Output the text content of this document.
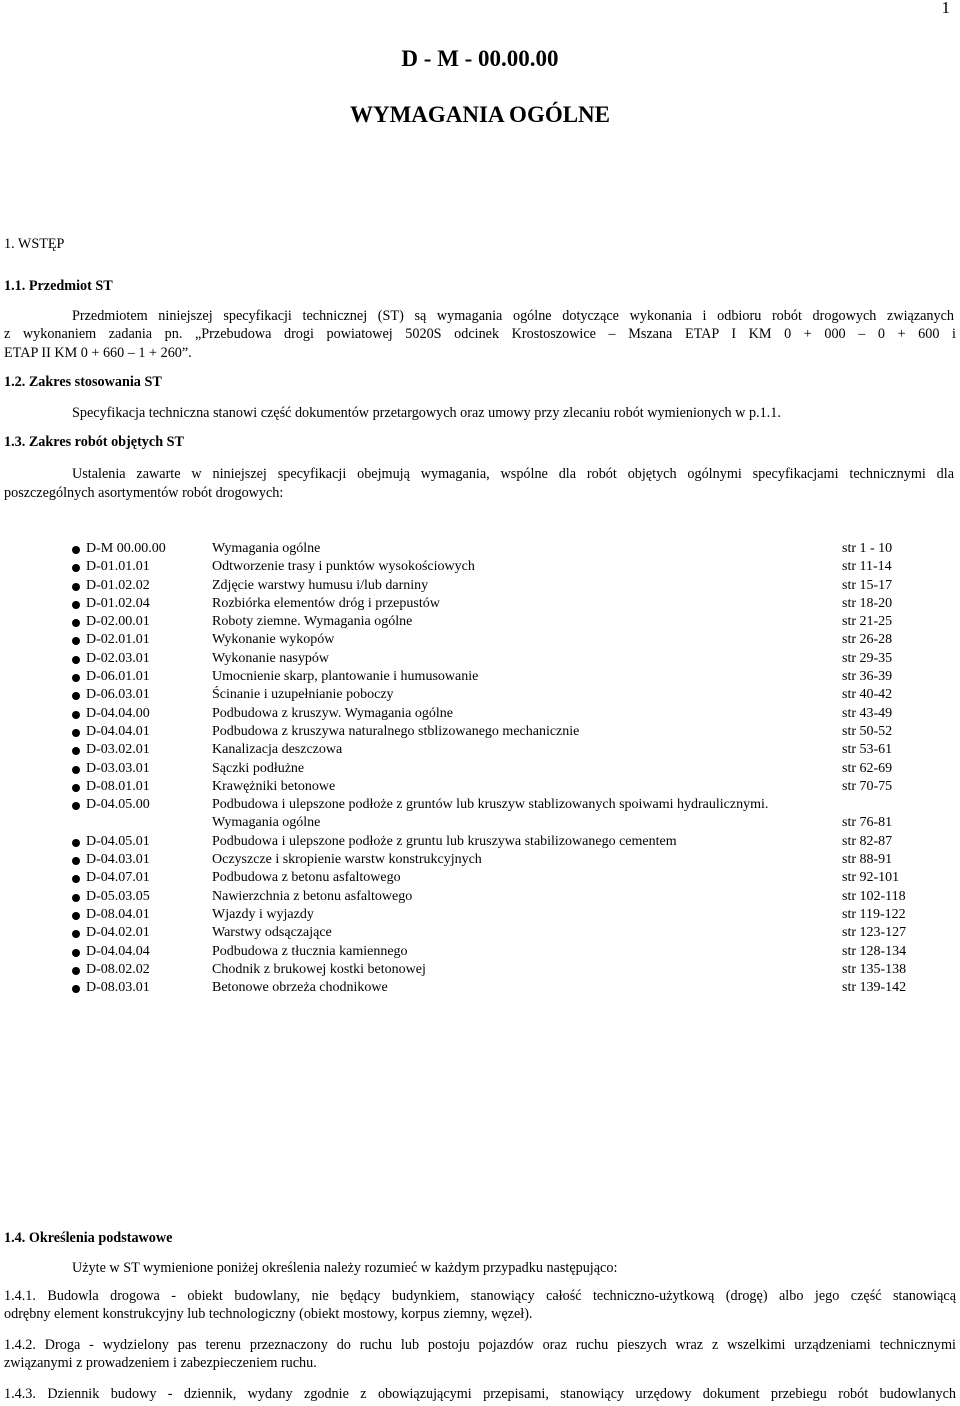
1
D - M - 00.00.00
WYMAGANIA OGÓLNE
1. WSTĘP
1.1. Przedmiot ST
Przedmiotem niniejszej specyfikacji technicznej (ST) są wymagania ogólne dotyczące wykonania i odbioru robót drogowych związanych
z wykonaniem zadania pn. „Przebudowa drogi powiatowej 5020S odcinek Krostoszowice – Mszana ETAP I KM 0 + 000 – 0 + 600 i
ETAP II KM 0 + 660 – 1 + 260”.
1.2. Zakres stosowania ST
Specyfikacja techniczna stanowi część dokumentów przetargowych oraz umowy przy zlecaniu robót wymienionych w p.1.1.
1.3. Zakres robót objętych ST
Ustalenia zawarte w niniejszej specyfikacji obejmują wymagania, wspólne dla robót objętych ogólnymi specyfikacjami technicznymi dla
poszczególnych asortymentów robót drogowych:
D-M 00.00.00	Wymagania ogólne	str 1 - 10
D-01.01.01	Odtworzenie trasy i punktów wysokościowych	str 11-14
D-01.02.02	Zdjęcie warstwy humusu i/lub darniny	str 15-17
D-01.02.04	Rozbiórka elementów dróg i przepustów	str 18-20
D-02.00.01	Roboty ziemne. Wymagania ogólne	str 21-25
D-02.01.01	Wykonanie wykopów	str 26-28
D-02.03.01	Wykonanie nasypów	str 29-35
D-06.01.01	Umocnienie skarp, plantowanie i humusowanie	str 36-39
D-06.03.01	Ścinanie i uzupełnianie poboczy	str 40-42
D-04.04.00	Podbudowa z kruszyw. Wymagania ogólne	str 43-49
D-04.04.01	Podbudowa z kruszywa naturalnego stblizowanego mechanicznie	str 50-52
D-03.02.01	Kanalizacja deszczowa	str 53-61
D-03.03.01	Sączki podłużne	str 62-69
D-08.01.01	Krawężniki betonowe	str 70-75
D-04.05.00	Podbudowa i ulepszone podłoże z gruntów lub kruszyw stablizowanych spoiwami hydraulicznymi. Wymagania ogólne	str 76-81
D-04.05.01	Podbudowa i ulepszone podłoże z gruntu lub kruszywa stabilizowanego cementem	str 82-87
D-04.03.01	Oczyszcze i skropienie warstw konstrukcyjnych	str 88-91
D-04.07.01	Podbudowa z betonu asfaltowego	str 92-101
D-05.03.05	Nawierzchnia z betonu asfaltowego	str 102-118
D-08.04.01	Wjazdy i wyjazdy	str 119-122
D-04.02.01	Warstwy odsączające	str 123-127
D-04.04.04	Podbudowa z tłucznia kamiennego	str 128-134
D-08.02.02	Chodnik z brukowej kostki betonowej	str 135-138
D-08.03.01	Betonowe obrzeża chodnikowe	str 139-142
1.4. Określenia podstawowe
Użyte w ST wymienione poniżej określenia należy rozumieć w każdym przypadku następująco:
1.4.1. Budowla drogowa - obiekt budowlany, nie będący budynkiem, stanowiący całość techniczno-użytkową (drogę) albo jego część stanowiącą
odrębny element konstrukcyjny lub technologiczny (obiekt mostowy, korpus ziemny, węzeł).
1.4.2. Droga - wydzielony pas terenu przeznaczony do ruchu lub postoju pojazdów oraz ruchu pieszych wraz z wszelkimi urządzeniami technicznymi
związanymi z prowadzeniem i zabezpieczeniem ruchu.
1.4.3. Dziennik budowy - dziennik, wydany zgodnie z obowiązującymi przepisami, stanowiący urzędowy dokument przebiegu robót budowlanych
